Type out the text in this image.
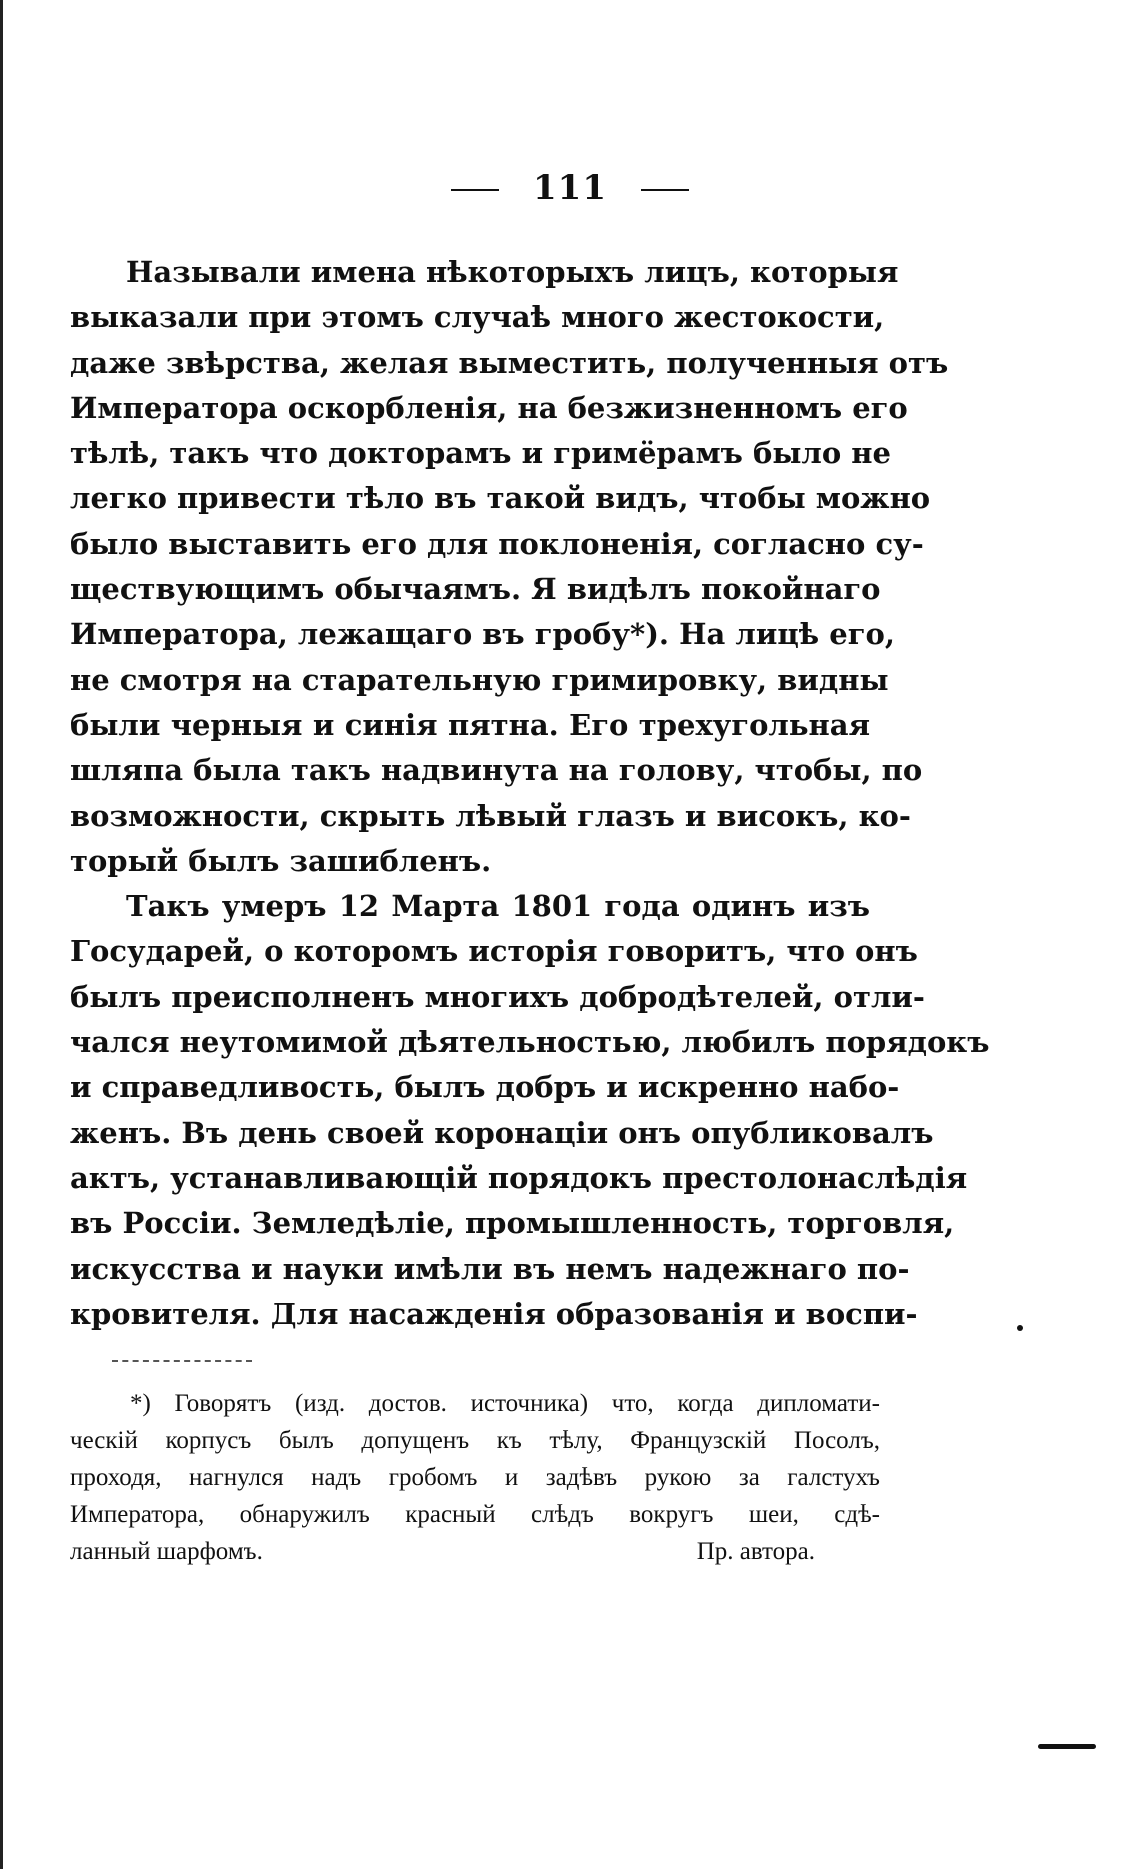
111
Называли имена нѣкоторыхъ лицъ, которыя
выказали при этомъ случаѣ много жестокости,
даже звѣрства, желая выместить, полученныя отъ
Императора оскорбленія, на безжизненномъ его
тѣлѣ, такъ что докторамъ и гримёрамъ было не
легко привести тѣло въ такой видъ, чтобы можно
было выставить его для поклоненія, согласно су-
ществующимъ обычаямъ. Я видѣлъ покойнаго
Императора, лежащаго въ гробу*). На лицѣ его,
не смотря на старательную гримировку, видны
были черныя и синія пятна. Его трехугольная
шляпа была такъ надвинута на голову, чтобы, по
возможности, скрыть лѣвый глазъ и високъ, ко-
торый былъ зашибленъ.
Такъ умеръ 12 Марта 1801 года одинъ изъ
Государей, о которомъ исторія говоритъ, что онъ
былъ преисполненъ многихъ добродѣтелей, отли-
чался неутомимой дѣятельностью, любилъ порядокъ
и справедливость, былъ добръ и искренно набо-
женъ. Въ день своей коронаціи онъ опубликовалъ
актъ, устанавливающій порядокъ престолонаслѣдія
въ Россіи. Земледѣліе, промышленность, торговля,
искусства и науки имѣли въ немъ надежнаго по-
кровителя. Для насажденія образованія и воспи-
*) Говорятъ (изд. достов. источника) что, когда дипломати-
ческій корпусъ былъ допущенъ къ тѣлу, Французскій Посолъ,
проходя, нагнулся надъ гробомъ и задѣвъ рукою за галстухъ
Императора, обнаружилъ красный слѣдъ вокругъ шеи, сдѣ-
ланный шарфомъ.	Пр. автора.
